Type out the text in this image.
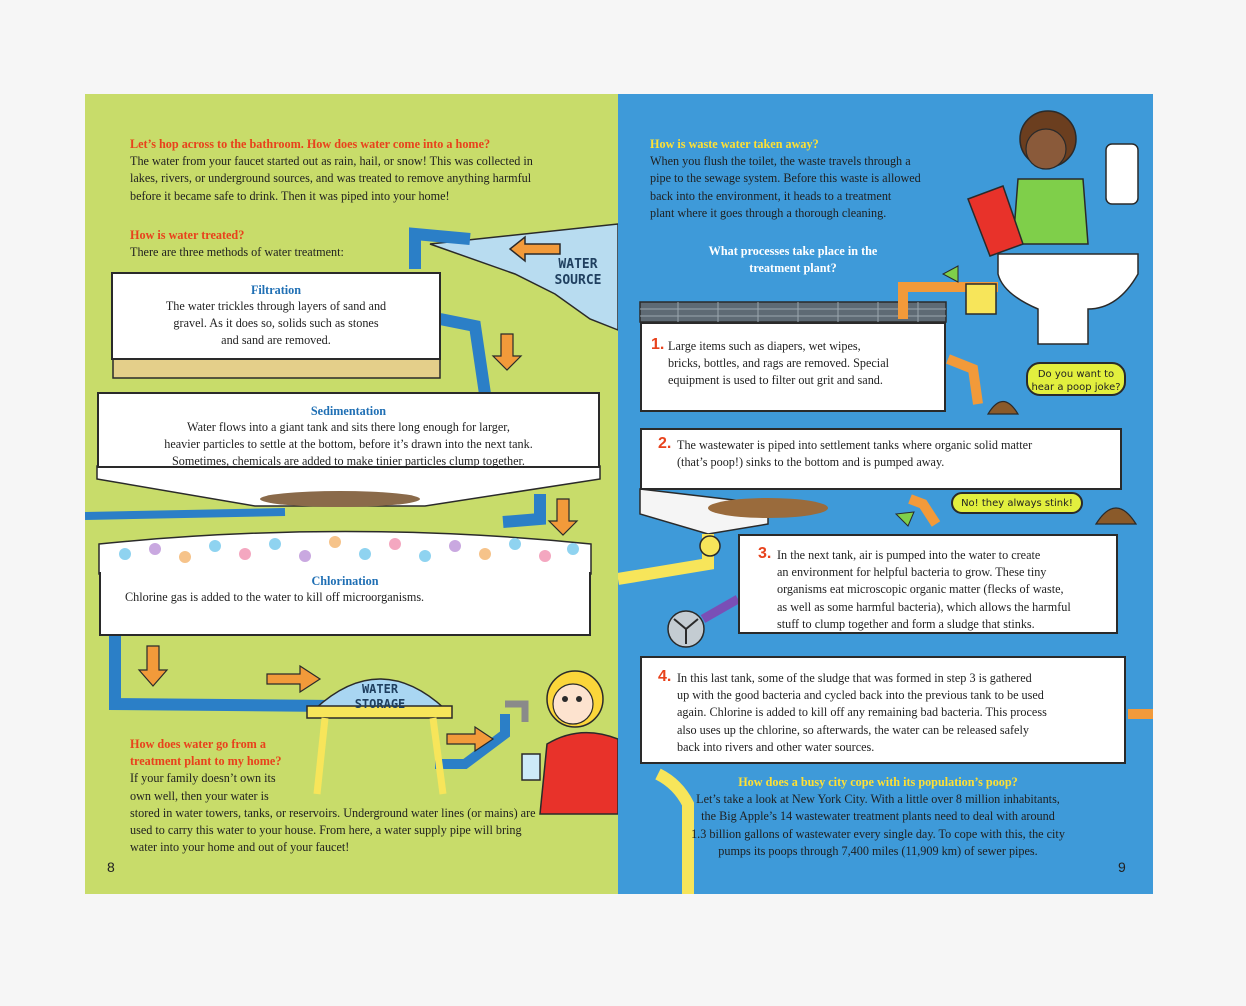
Let’s hop across to the bathroom. How does water come into a home?
The water from your faucet started out as rain, hail, or snow! This was collected in
lakes, rivers, or underground sources, and was treated to remove anything harmful
before it became safe to drink. Then it was piped into your home!
How is water treated?
There are three methods of water treatment:
WATER
SOURCE
Filtration
The water trickles through layers of sand and
gravel. As it does so, solids such as stones
and sand are removed.
Sedimentation
Water flows into a giant tank and sits there long enough for larger,
heavier particles to settle at the bottom, before it’s drawn into the next tank.
Sometimes, chemicals are added to make tinier particles clump together.
Chlorination
Chlorine gas is added to the water to kill off microorganisms.
WATER
STORAGE
How does water go from a
treatment plant to my home?
If your family doesn’t own its
own well, then your water is
stored in water towers, tanks, or reservoirs. Underground water lines (or mains) are
used to carry this water to your house. From here, a water supply pipe will bring
water into your home and out of your faucet!
8
How is waste water taken away?
When you flush the toilet, the waste travels through a
pipe to the sewage system. Before this waste is allowed
back into the environment, it heads to a treatment
plant where it goes through a thorough cleaning.
What processes take place in the
treatment plant?
1. Large items such as diapers, wet wipes,
bricks, bottles, and rags are removed. Special
equipment is used to filter out grit and sand.	Do you want to
hear a poop joke?
2. The wastewater is piped into settlement tanks where organic solid matter
(that’s poop!) sinks to the bottom and is pumped away.
No! they always stink!
3. In the next tank, air is pumped into the water to create
an environment for helpful bacteria to grow. These tiny
organisms eat microscopic organic matter (flecks of waste,
as well as some harmful bacteria), which allows the harmful
stuff to clump together and form a sludge that stinks.
4. In this last tank, some of the sludge that was formed in step 3 is gathered
up with the good bacteria and cycled back into the previous tank to be used
again. Chlorine is added to kill off any remaining bad bacteria. This process
also uses up the chlorine, so afterwards, the water can be released safely
back into rivers and other water sources.
How does a busy city cope with its population’s poop?
Let’s take a look at New York City. With a little over 8 million inhabitants,
the Big Apple’s 14 wastewater treatment plants need to deal with around
1.3 billion gallons of wastewater every single day. To cope with this, the city
pumps its poops through 7,400 miles (11,909 km) of sewer pipes.
9
